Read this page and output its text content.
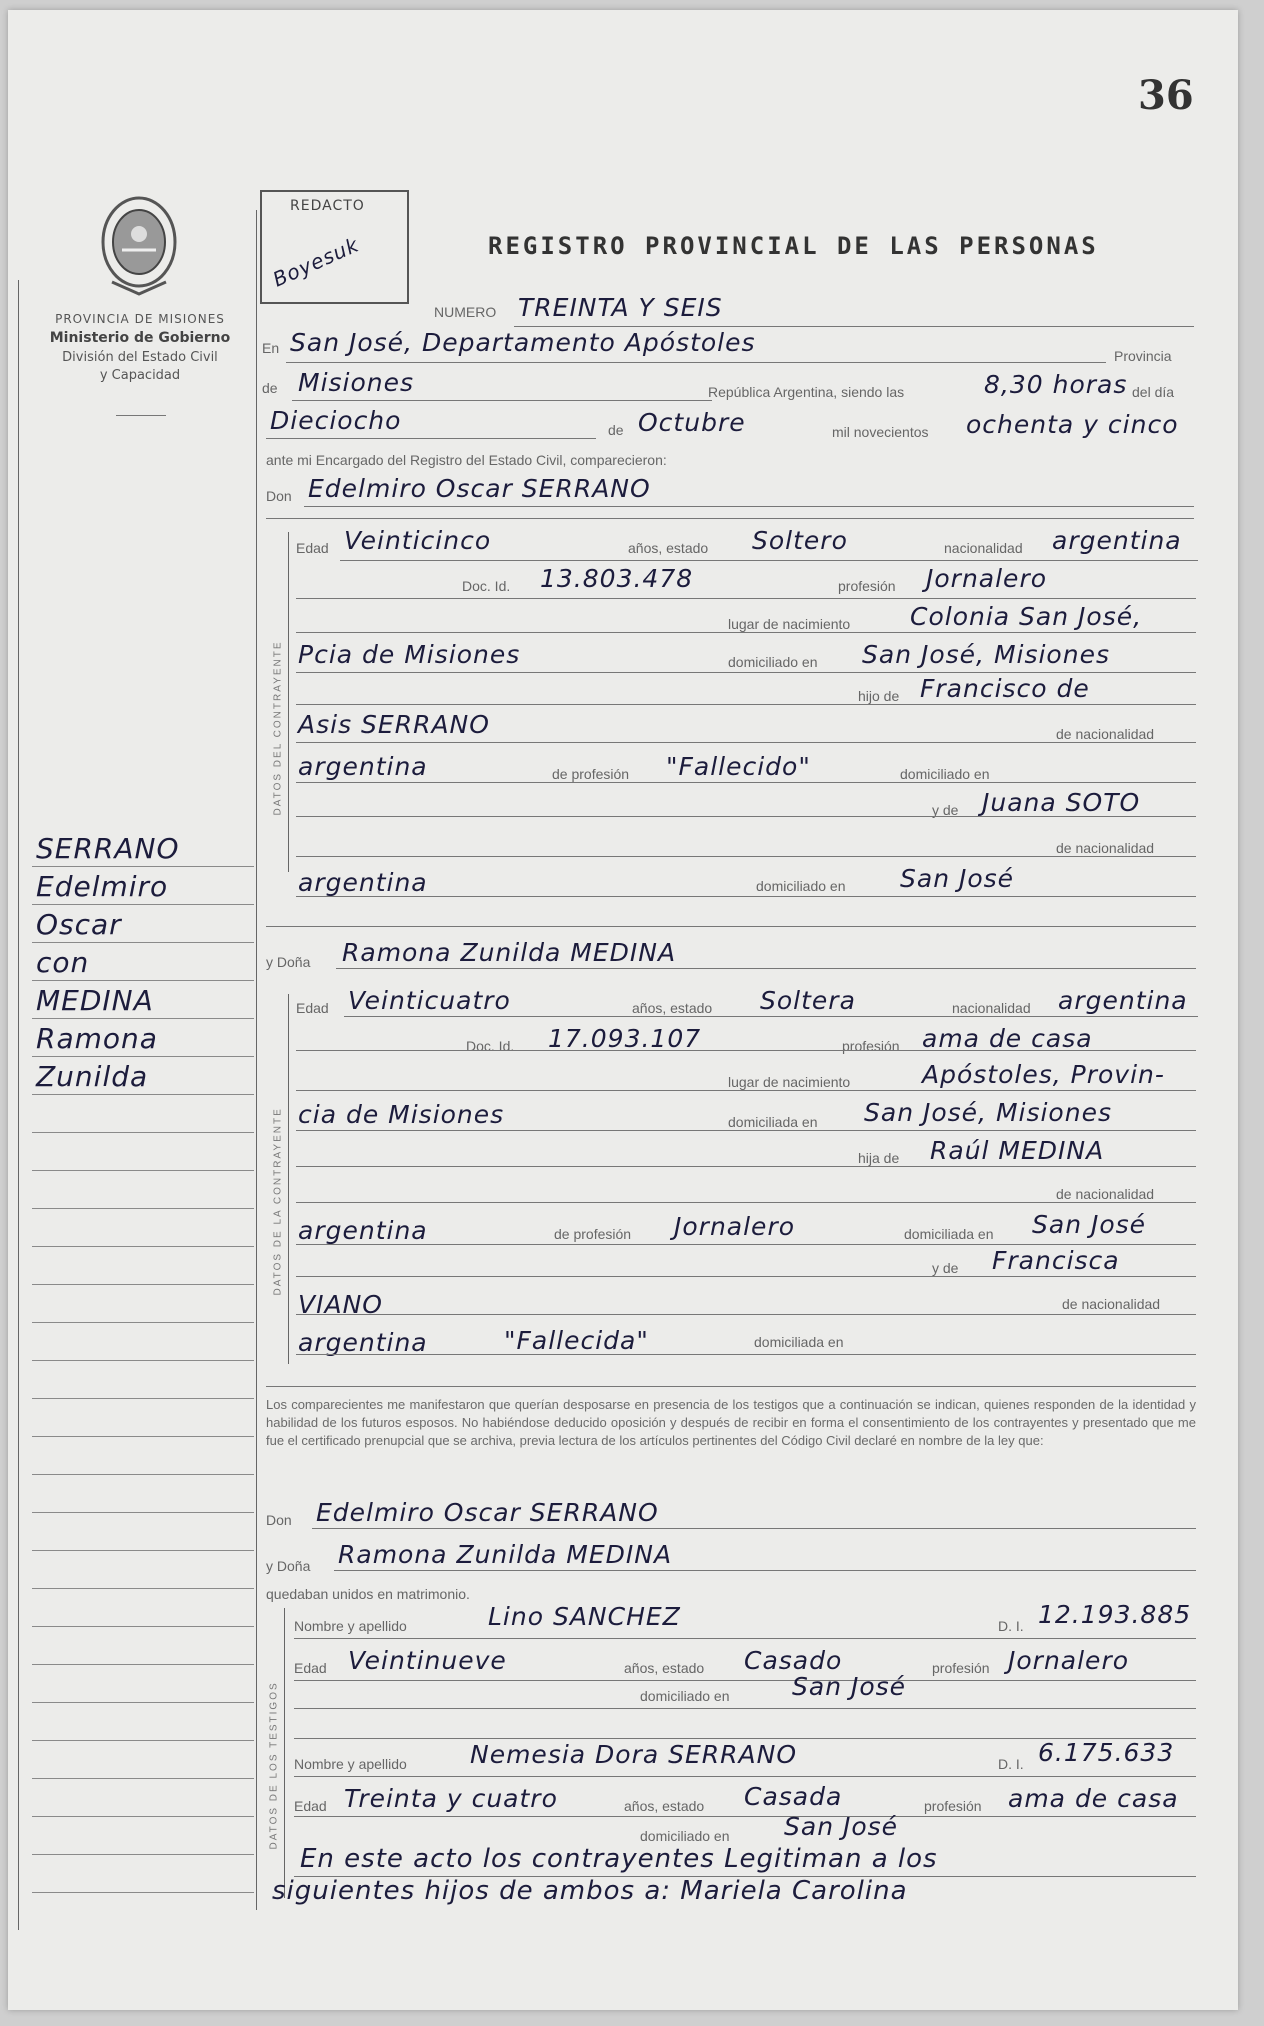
36
PROVINCIA DE MISIONES
Ministerio de Gobierno
División del Estado Civil
y Capacidad
SERRANO
Edelmiro
Oscar
con
MEDINA
Ramona
Zunilda
REDACTO
Boyesuk	REGISTRO PROVINCIAL DE LAS PERSONAS
NUMERO TREINTA Y SEIS
En San José, Departamento Apóstoles	Provincia
de Misiones	República Argentina, siendo las	8,30 horas del día
Dieciocho	de Octubre	mil novecientos ochenta y cinco
ante mi Encargado del Registro del Estado Civil, comparecieron:
Don Edelmiro Oscar SERRANO
DATOS DEL CONTRAYENTE
Edad Veinticinco	años, estado Soltero	nacionalidad argentina
Doc. Id. 13.803.478	profesión Jornalero
lugar de nacimiento Colonia San José,
Pcia de Misiones	domiciliado en San José, Misiones
hijo de Francisco de
Asis SERRANO	de nacionalidad
argentina	de profesión "Fallecido"	domiciliado en
y de Juana SOTO
de nacionalidad
argentina	domiciliado en San José
y Doña Ramona Zunilda MEDINA
DATOS DE LA CONTRAYENTE
Edad Veinticuatro	años, estado Soltera	nacionalidad argentina
Doc. Id. 17.093.107	profesión ama de casa
lugar de nacimiento	Apóstoles, Provin-
cia de Misiones	domiciliada en San José, Misiones
hija de Raúl MEDINA
de nacionalidad
argentina	de profesión Jornalero	domiciliada en San José
y de Francisca
VIANO	de nacionalidad
argentina	"Fallecida"	domiciliada en
Los comparecientes me manifestaron que querían desposarse en presencia de los testigos que a continuación se indican, quienes responden de la identidad y habilidad de los futuros esposos. No habiéndose deducido oposición y después de recibir en forma el consentimiento de los contrayentes y presentado que me fue el certificado prenupcial que se archiva, previa lectura de los artículos pertinentes del Código Civil declaré en nombre de la ley que:
Don Edelmiro Oscar SERRANO
y Doña Ramona Zunilda MEDINA
quedaban unidos en matrimonio.
DATOS DE LOS TESTIGOS
Nombre y apellido	Lino SANCHEZ	D. I. 12.193.885
Edad Veintinueve	años, estado Casado	profesión Jornalero
domiciliado en	San José
Nombre y apellido	Nemesia Dora SERRANO	D. I. 6.175.633
Edad Treinta y cuatro	años, estado Casada	profesión ama de casa
domiciliado en San José
En este acto los contrayentes Legitiman a los
siguientes hijos de ambos a: Mariela Carolina
